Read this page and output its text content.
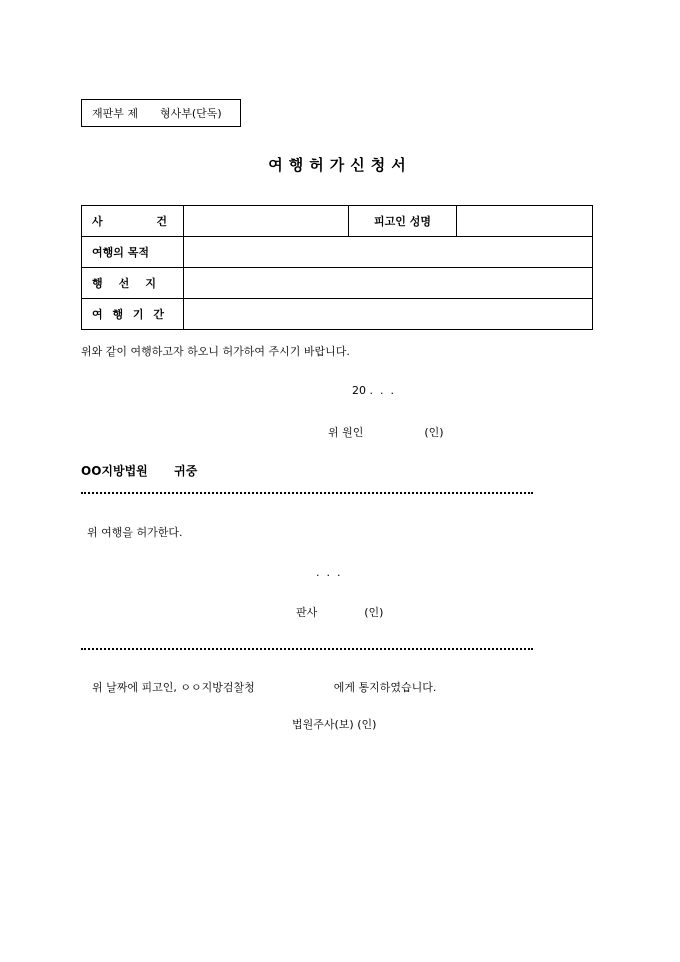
재판부 제 형사부(단독)
여행허가신청서
사 건		피고인 성명	
여행의 목적			

행 선 지			

여 행 기 간			

위와 같이 여행하고자 하오니 허가하여 주시기 바랍니다.
20 .  .  .
위 원인	(인)
OO지방법원 귀중
위 여행을 허가한다.
.  .  .
판사	(인)
위 날짜에 피고인, ㅇㅇ지방검찰청	에게 통지하였습니다.
법원주사(보) (인)
